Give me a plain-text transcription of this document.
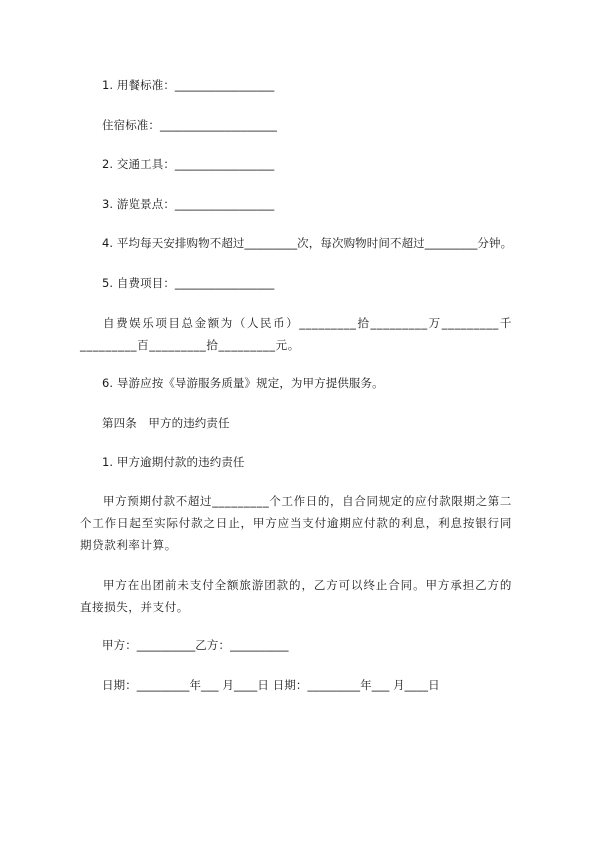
1. 用餐标准：_________________
住宿标准：____________________
2. 交通工具：_________________
3. 游览景点：_________________
4. 平均每天安排购物不超过_________次，每次购物时间不超过_________分钟。
5. 自费项目：_________________
自费娱乐项目总金额为（人民币）_________拾_________万_________千_________百_________拾_________元。
6. 导游应按《导游服务质量》规定，为甲方提供服务。
第四条　甲方的违约责任
1. 甲方逾期付款的违约责任
甲方预期付款不超过_________个工作日的，自合同规定的应付款限期之第二个工作日起至实际付款之日止，甲方应当支付逾期应付款的利息，利息按银行同期贷款利率计算。
甲方在出团前未支付全额旅游团款的，乙方可以终止合同。甲方承担乙方的直接损失，并支付。
甲方：__________乙方：__________
日期：_________年___ 月____日 日期：_________年___ 月____日
